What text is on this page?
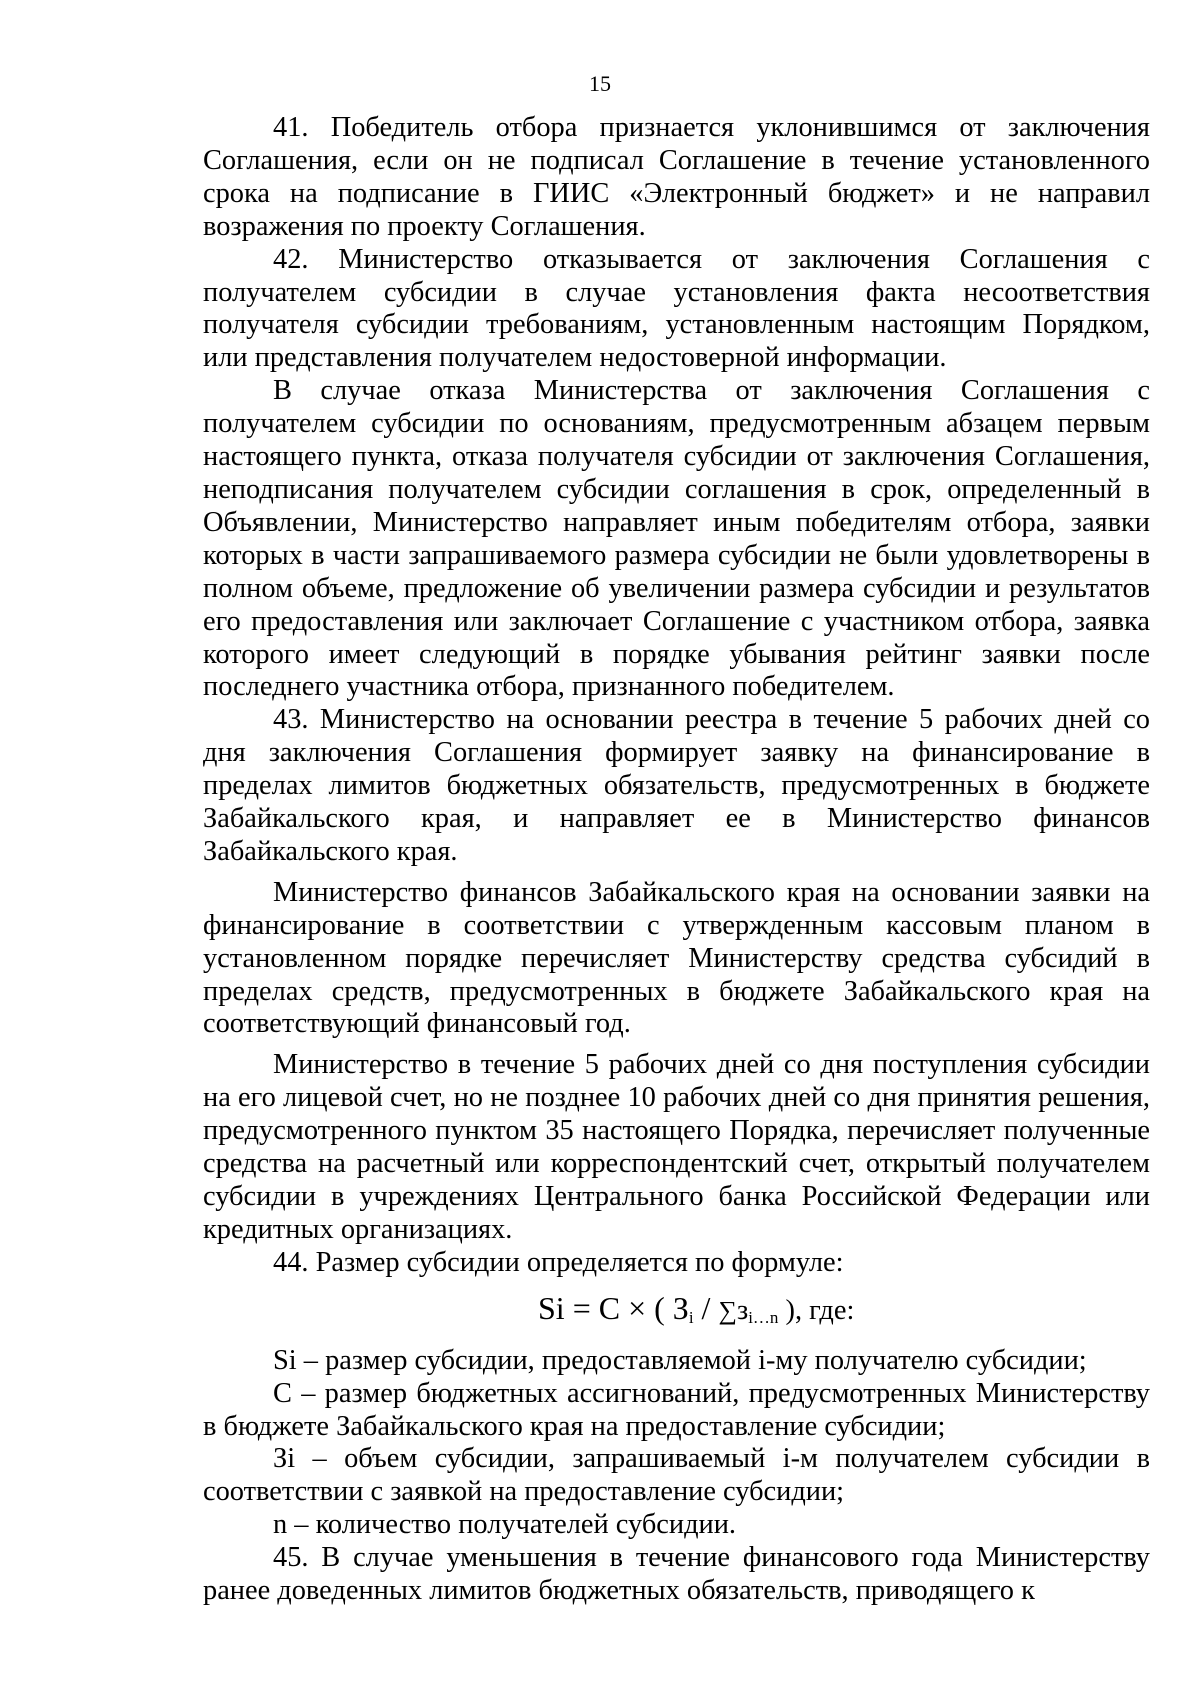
15

41. Победитель отбора признается уклонившимся от заключения Соглашения, если он не подписал Соглашение в течение установленного срока на подписание в ГИИС «Электронный бюджет» и не направил возражения по проекту Соглашения.

42. Министерство отказывается от заключения Соглашения с получателем субсидии в случае установления факта несоответствия получателя субсидии требованиям, установленным настоящим Порядком, или представления получателем недостоверной информации.

В случае отказа Министерства от заключения Соглашения с получателем субсидии по основаниям, предусмотренным абзацем первым настоящего пункта, отказа получателя субсидии от заключения Соглашения, неподписания получателем субсидии соглашения в срок, определенный в Объявлении, Министерство направляет иным победителям отбора, заявки которых в части запрашиваемого размера субсидии не были удовлетворены в полном объеме, предложение об увеличении размера субсидии и результатов его предоставления или заключает Соглашение с участником отбора, заявка которого имеет следующий в порядке убывания рейтинг заявки после последнего участника отбора, признанного победителем.

43. Министерство на основании реестра в течение 5 рабочих дней со дня заключения Соглашения формирует заявку на финансирование в пределах лимитов бюджетных обязательств, предусмотренных в бюджете Забайкальского края, и направляет ее в Министерство финансов Забайкальского края.

Министерство финансов Забайкальского края на основании заявки на финансирование в соответствии с утвержденным кассовым планом в установленном порядке перечисляет Министерству средства субсидий в пределах средств, предусмотренных в бюджете Забайкальского края на соответствующий финансовый год.

Министерство в течение 5 рабочих дней со дня поступления субсидии на его лицевой счет, но не позднее 10 рабочих дней со дня принятия решения, предусмотренного пунктом 35 настоящего Порядка, перечисляет полученные средства на расчетный или корреспондентский счет, открытый получателем субсидии в учреждениях Центрального банка Российской Федерации или кредитных организациях.

44. Размер субсидии определяется по формуле:

Si = С × ( $З_i / \sum з_{i\dots n}$ ), где:

Si – размер субсидии, предоставляемой i-му получателю субсидии;

С – размер бюджетных ассигнований, предусмотренных Министерству в бюджете Забайкальского края на предоставление субсидии;

Зi – объем субсидии, запрашиваемый i-м получателем субсидии в соответствии с заявкой на предоставление субсидии;

n – количество получателей субсидии.

45. В случае уменьшения в течение финансового года Министерству ранее доведенных лимитов бюджетных обязательств, приводящего к
